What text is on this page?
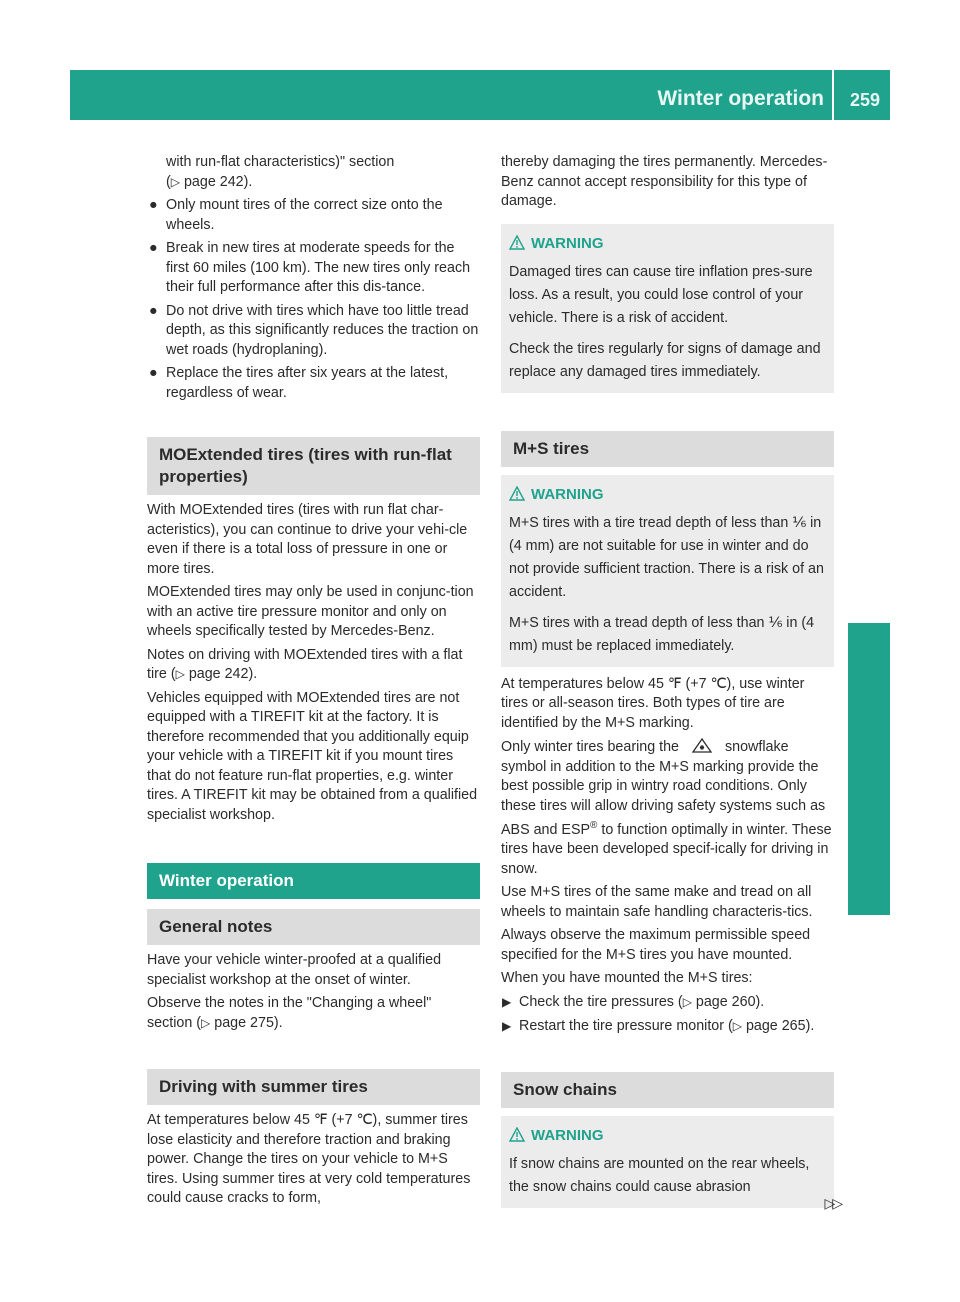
Winter operation	259
Wheels and tires

with run-flat characteristics)" section
(▷ page 242).

● Only mount tires of the correct size onto the wheels.
● Break in new tires at moderate speeds for the first 60 miles (100 km). The new tires only reach their full performance after this dis-tance.
● Do not drive with tires which have too little tread depth, as this significantly reduces the traction on wet roads (hydroplaning).
● Replace the tires after six years at the latest, regardless of wear.
MOExtended tires (tires with run-flat properties)

With MOExtended tires (tires with run flat char-acteristics), you can continue to drive your vehi-cle even if there is a total loss of pressure in one or more tires.

MOExtended tires may only be used in conjunc-tion with an active tire pressure monitor and only on wheels specifically tested by Mercedes-Benz.

Notes on driving with MOExtended tires with a flat tire (▷ page 242).

Vehicles equipped with MOExtended tires are not equipped with a TIREFIT kit at the factory. It is therefore recommended that you additionally equip your vehicle with a TIREFIT kit if you mount tires that do not feature run-flat properties, e.g. winter tires. A TIREFIT kit may be obtained from a qualified specialist workshop.

Winter operation
General notes

Have your vehicle winter-proofed at a qualified specialist workshop at the onset of winter.

Observe the notes in the "Changing a wheel" section (▷ page 275).

Driving with summer tires

At temperatures below 45 ℉ (+7 ℃), summer tires lose elasticity and therefore traction and braking power. Change the tires on your vehicle to M+S tires. Using summer tires at very cold temperatures could cause cracks to form,

thereby damaging the tires permanently. Mercedes-Benz cannot accept responsibility for this type of damage.

WARNING

Damaged tires can cause tire inflation pres-sure loss. As a result, you could lose control of your vehicle. There is a risk of accident.

Check the tires regularly for signs of damage and replace any damaged tires immediately.

M+S tires
WARNING

M+S tires with a tire tread depth of less than ⅙ in (4 mm) are not suitable for use in winter and do not provide sufficient traction. There is a risk of an accident.

M+S tires with a tread depth of less than ⅙ in (4 mm) must be replaced immediately.

At temperatures below 45 ℉ (+7 ℃), use winter tires or all-season tires. Both types of tire are identified by the M+S marking.

Only winter tires bearing the	snowflake symbol in addition to the M+S marking provide the best possible grip in wintry road conditions. Only these tires will allow driving safety systems such as ABS and ESP® to function optimally in winter. These tires have been developed specif-ically for driving in snow.

Use M+S tires of the same make and tread on all wheels to maintain safe handling characteris-tics.

Always observe the maximum permissible speed specified for the M+S tires you have mounted.

When you have mounted the M+S tires:

▶ Check the tire pressures (▷ page 260).
▶ Restart the tire pressure monitor (▷ page 265).
Snow chains
WARNING

If snow chains are mounted on the rear wheels, the snow chains could cause abrasion

▷▷
